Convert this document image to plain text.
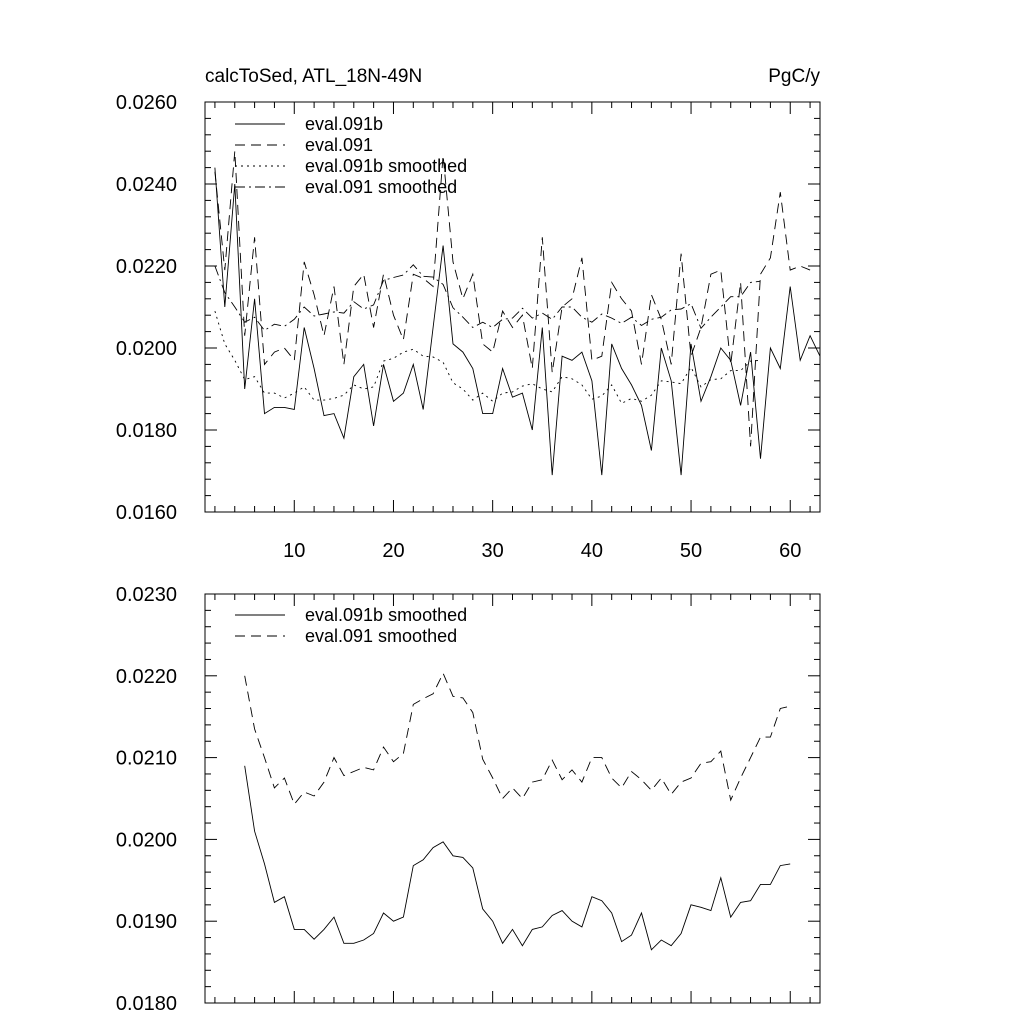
calcToSed, ATL_18N-49N	PgC/y
10	20	30	40	50	60
0.0160
0.0180
0.0200
0.0220
0.0240
0.0260
eval.091b
eval.091
eval.091b smoothed
eval.091 smoothed
0.0180
0.0190
0.0200
0.0210
0.0220
0.0230
eval.091b smoothed
eval.091 smoothed
